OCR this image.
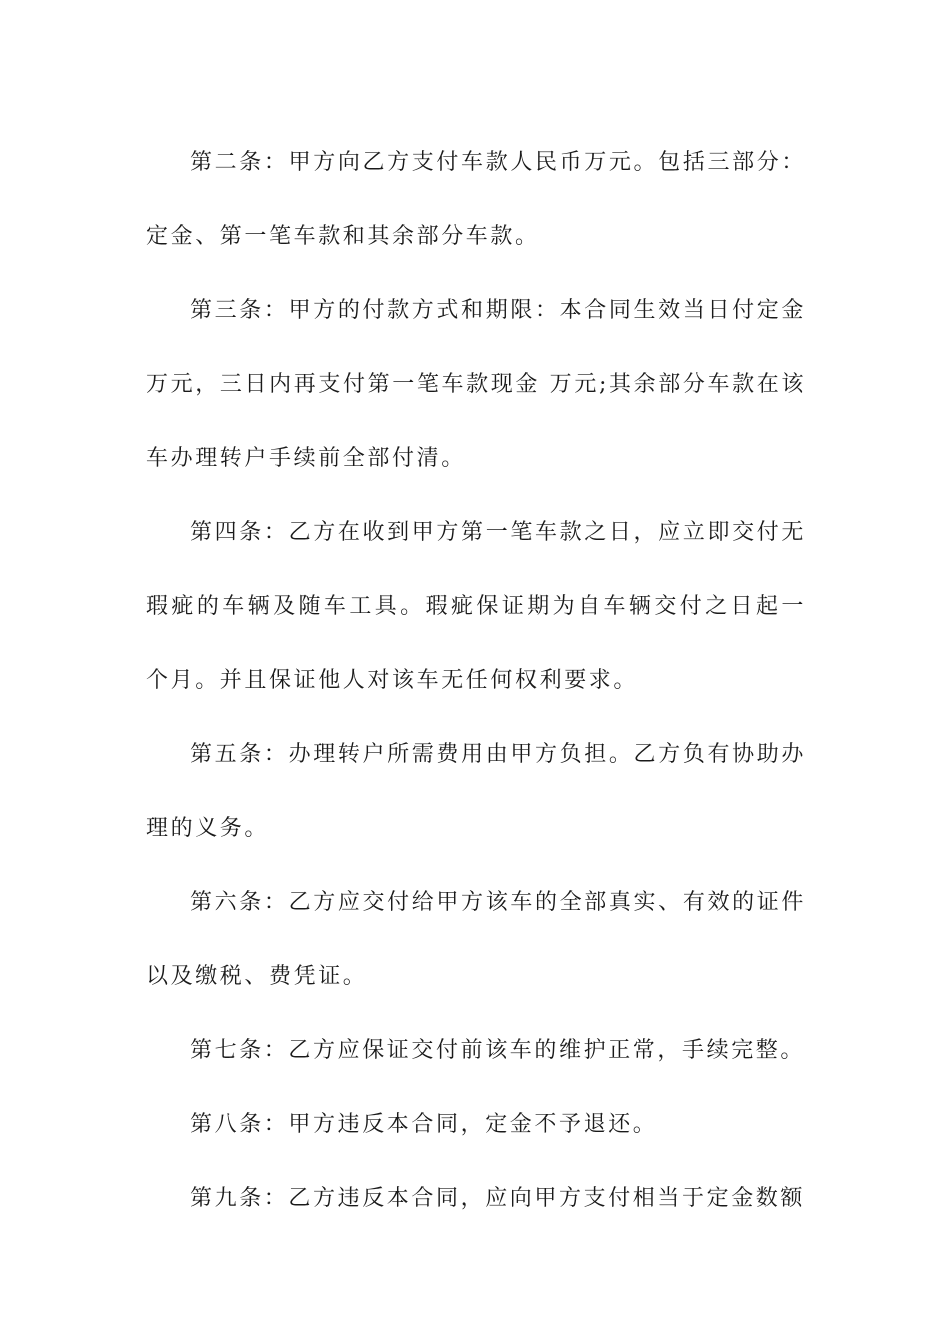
第二条：甲方向乙方支付车款人民币万元。包括三部分：定金、第一笔车款和其余部分车款。

第三条：甲方的付款方式和期限：本合同生效当日付定金万元，三日内再支付第一笔车款现金 万元;其余部分车款在该车办理转户手续前全部付清。

第四条：乙方在收到甲方第一笔车款之日，应立即交付无瑕疵的车辆及随车工具。瑕疵保证期为自车辆交付之日起一个月。并且保证他人对该车无任何权利要求。

第五条：办理转户所需费用由甲方负担。乙方负有协助办理的义务。

第六条：乙方应交付给甲方该车的全部真实、有效的证件以及缴税、费凭证。

第七条：乙方应保证交付前该车的维护正常，手续完整。

第八条：甲方违反本合同，定金不予退还。

第九条：乙方违反本合同，应向甲方支付相当于定金数额
